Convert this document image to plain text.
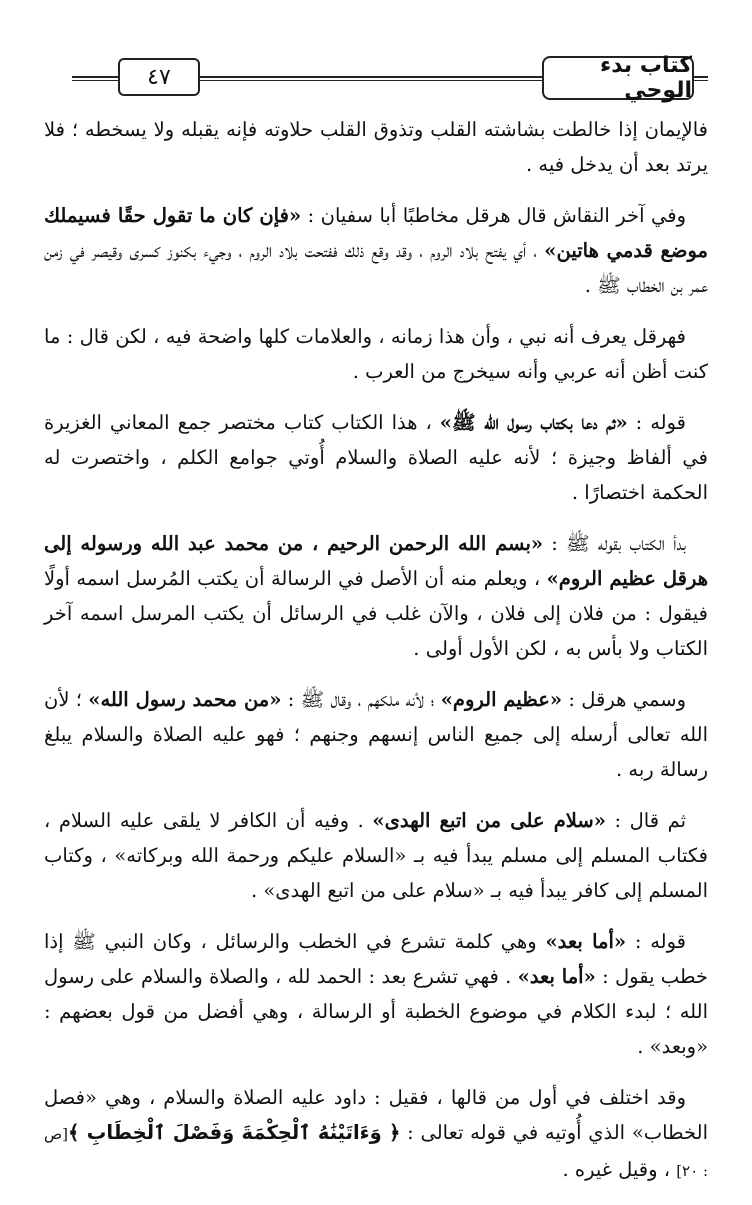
كتاب بدء الوحي
٤٧

فالإيمان إذا خالطت بشاشته القلب وتذوق القلب حلاوته فإنه يقبله ولا يسخطه ؛ فلا يرتد بعد أن يدخل فيه .

وفي آخر النقاش قال هرقل مخاطبًا أبا سفيان : «فإن كان ما تقول حقًا فسيملك موضع قدمي هاتين» ، أي يفتح بلاد الروم ، وقد وقع ذلك ففتحت بلاد الروم ، وجيء بكنوز كسرى وقيصر في زمن عمر بن الخطاب ﷺ .

فهرقل يعرف أنه نبي ، وأن هذا زمانه ، والعلامات كلها واضحة فيه ، لكن قال : ما كنت أظن أنه عربي وأنه سيخرج من العرب .

قوله : «ثم دعا بكتاب رسول الله ﷺ» ، هذا الكتاب كتاب مختصر جمع المعاني الغزيرة في ألفاظ وجيزة ؛ لأنه عليه الصلاة والسلام أُوتي جوامع الكلم ، واختصرت له الحكمة اختصارًا .

بدأ الكتاب بقوله ﷺ : «بسم الله الرحمن الرحيم ، من محمد عبد الله ورسوله إلى هرقل عظيم الروم» ، ويعلم منه أن الأصل في الرسالة أن يكتب المُرسل اسمه أولًا فيقول : من فلان إلى فلان ، والآن غلب في الرسائل أن يكتب المرسل اسمه آخر الكتاب ولا بأس به ، لكن الأول أولى .

وسمي هرقل : «عظيم الروم» ؛ لأنه ملكهم ، وقال ﷺ : «من محمد رسول الله» ؛ لأن الله تعالى أرسله إلى جميع الناس إنسهم وجنهم ؛ فهو عليه الصلاة والسلام يبلغ رسالة ربه .

ثم قال : «سلام على من اتبع الهدى» . وفيه أن الكافر لا يلقى عليه السلام ، فكتاب المسلم إلى مسلم يبدأ فيه بـ «السلام عليكم ورحمة الله وبركاته» ، وكتاب المسلم إلى كافر يبدأ فيه بـ «سلام على من اتبع الهدى» .

قوله : «أما بعد» وهي كلمة تشرع في الخطب والرسائل ، وكان النبي ﷺ إذا خطب يقول : «أما بعد» . فهي تشرع بعد : الحمد لله ، والصلاة والسلام على رسول الله ؛ لبدء الكلام في موضوع الخطبة أو الرسالة ، وهي أفضل من قول بعضهم : «وبعد» .

وقد اختلف في أول من قالها ، فقيل : داود عليه الصلاة والسلام ، وهي «فصل الخطاب» الذي أُوتيه في قوله تعالى : ﴿ وَءَاتَيْنَٰهُ ٱلْحِكْمَةَ وَفَصْلَ ٱلْخِطَابِ ﴾[ص : ٢٠] ، وقيل غيره .
